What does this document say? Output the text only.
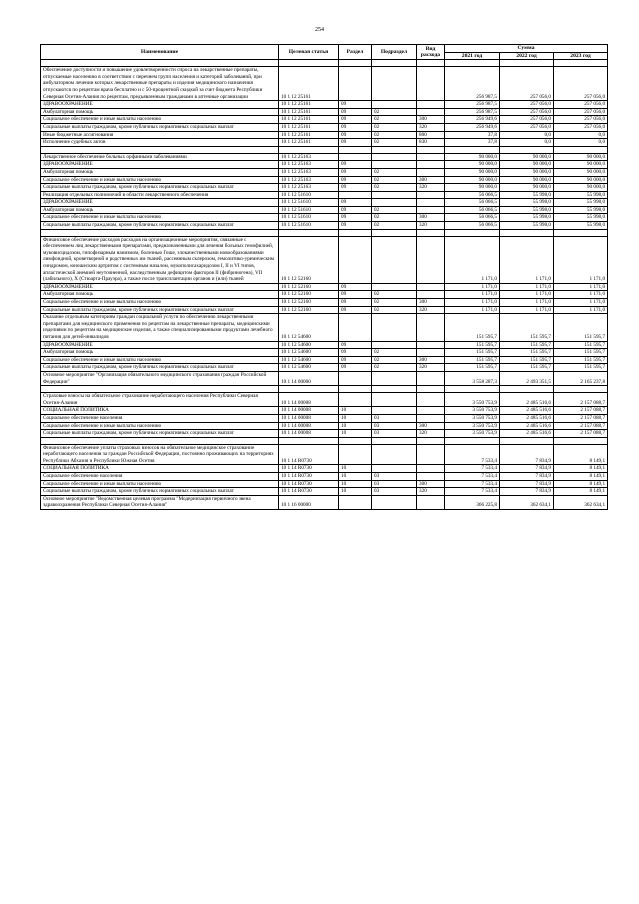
254
Наименование	Целевая статья	Раздел	Подраздел	Вид расхода	Сумма		
					2021 год	2022 год	2023 год

Обеспечение доступности и повышение удовлетворенности спроса на лекарственные препараты, отпускаемые населению в соответствии с перечнем групп населения и категорий заболеваний, при амбулаторном лечении которых лекарственные препараты и изделия медицинского назначения отпускаются по рецептам врача бесплатно и с 50-процентной скидкой за счет бюджета Республики Северная Осетия-Алания по рецептам, предъявленным гражданами в аптечные организации	10 1 12 25161				256 987,5	257 056,0	257 056,0
ЗДРАВООХРАНЕНИЕ	10 1 12 25161	09			256 987,5	257 056,0	257 056,0
Амбулаторная помощь	10 1 12 25161	09	02		256 987,5	257 056,0	257 056,0
Социальное обеспечение и иные выплаты населению	10 1 12 25161	09	02	300	256 949,6	257 056,0	257 056,0
Социальные выплаты гражданам, кроме публичных нормативных социальных выплат	10 1 12 25161	09	02	320	256 949,6	257 056,0	257 056,0
Иные бюджетные ассигнования	10 1 12 25161	09	02	800	37,8	0,0	0,0
Исполнение судебных актов	10 1 12 25161	09	02	830	37,8	0,0	0,0

Лекарственное обеспечение больных орфанными заболеваниями	10 1 12 25163				90 000,0	90 000,0	90 000,0
ЗДРАВООХРАНЕНИЕ	10 1 12 25163	09			90 000,0	90 000,0	90 000,0
Амбулаторная помощь	10 1 12 25163	09	02		90 000,0	90 000,0	90 000,0
Социальное обеспечение и иные выплаты населению	10 1 12 25163	09	02	300	90 000,0	90 000,0	90 000,0
Социальные выплаты гражданам, кроме публичных нормативных социальных выплат	10 1 12 25163	09	02	320	90 000,0	90 000,0	90 000,0
Реализация отдельных полномочий в области лекарственного обеспечения	10 1 12 51610				56 066,5	55 998,0	55 998,0
ЗДРАВООХРАНЕНИЕ	10 1 12 51610	09			56 066,5	55 998,0	55 998,0
Амбулаторная помощь	10 1 12 51610	09	02		56 066,5	55 998,0	55 998,0
Социальное обеспечение и иные выплаты населению	10 1 12 51610	09	02	300	56 066,5	55 998,0	55 998,0
Социальные выплаты гражданам, кроме публичных нормативных социальных выплат	10 1 12 51610	09	02	320	56 066,5	55 998,0	55 998,0

Финансовое обеспечение расходов расходов на организационные мероприятия, связанные с обеспечением лиц лекарственными препаратами, предназначенными для лечения больных гемофилией, муковисцидозом, гипофизарным нанизмом, болезнью Гоше, злокачественными новообразованиями лимфоидной, кроветворной и родственных им тканей, рассеянным склерозом, гемолитико-уремическим синдромом, юношеским артритом с системным началом, мукополисахаридозом I, II и VI типов, апластической анемией неуточненной, наследственным дефицитом факторов II (фибриногена), VII (лабильного), X (Стюарта-Прауэра), а также после трансплантации органов и (или) тканей	10 1 12 52160				1 171,0	1 171,0	1 171,0
ЗДРАВООХРАНЕНИЕ	10 1 12 52160	09			1 171,0	1 171,0	1 171,0
Амбулаторная помощь	10 1 12 52160	09	02		1 171,0	1 171,0	1 171,0
Социальное обеспечение и иные выплаты населению	10 1 12 52160	09	02	300	1 171,0	1 171,0	1 171,0
Социальные выплаты гражданам, кроме публичных нормативных социальных выплат	10 1 12 52160	09	02	320	1 171,0	1 171,0	1 171,0
Оказание отдельным категориям граждан социальной услуги по обеспечению лекарственными препаратами для медицинского применения по рецептам на лекарственные препараты, медицинскими изделиями по рецептам на медицинские изделия, а также специализированными продуктами лечебного питания для детей-инвалидов	10 1 12 54600				151 595,7	151 595,7	151 595,7
ЗДРАВООХРАНЕНИЕ	10 1 12 54600	09			151 595,7	151 595,7	151 595,7
Амбулаторная помощь	10 1 12 54600	09	02		151 595,7	151 595,7	151 595,7
Социальное обеспечение и иные выплаты населению	10 1 12 54600	09	02	300	151 595,7	151 595,7	151 595,7
Социальные выплаты гражданам, кроме публичных нормативных социальных выплат	10 1 12 54600	09	02	320	151 595,7	151 595,7	151 595,7
Основное мероприятие "Организация обязательного медицинского страхования граждан Российской Федерации"	10 1 14 00000				3 558 287,3	2 493 351,5	2 165 237,8

Страховые взносы на обязательное страхование неработающего населения Республики Северная Осетия-Алания	10 1 14 00008				3 550 753,9	2 485 516,6	2 157 088,7
СОЦИАЛЬНАЯ ПОЛИТИКА	10 1 14 00008	10			3 550 753,9	2 485 516,6	2 157 088,7
Социальное обеспечение населения	10 1 14 00008	10	03		3 550 753,9	2 485 516,6	2 157 088,7
Социальное обеспечение и иные выплаты населению	10 1 14 00008	10	03	300	3 550 753,9	2 485 516,6	2 157 088,7
Социальные выплаты гражданам, кроме публичных нормативных социальных выплат	10 1 14 00008	10	03	320	3 550 753,9	2 485 516,6	2 157 088,7

Финансовое обеспечение уплаты страховых взносов на обязательное медицинское страхование неработающего населения за граждан Российской Федерации, постоянно проживающих на территориях Республики Абхазия и Республики Южная Осетия	10 1 14 R0730				7 533,4	7 834,9	8 149,1
СОЦИАЛЬНАЯ ПОЛИТИКА	10 1 14 R0730	10			7 533,4	7 834,9	8 149,1
Социальное обеспечение населения	10 1 14 R0730	10	03		7 533,4	7 834,9	8 149,1
Социальное обеспечение и иные выплаты населению	10 1 14 R0730	10	03	300	7 533,4	7 834,9	8 149,1
Социальные выплаты гражданам, кроме публичных нормативных социальных выплат	10 1 14 R0730	10	03	320	7 533,4	7 834,9	8 149,1
Основное мероприятие "Ведомственная целевая программа "Модернизация первичного звена здравоохранения Республики Северная Осетия-Алания"	10 1 16 00000				366 225,8	362 634,1	362 634,1
